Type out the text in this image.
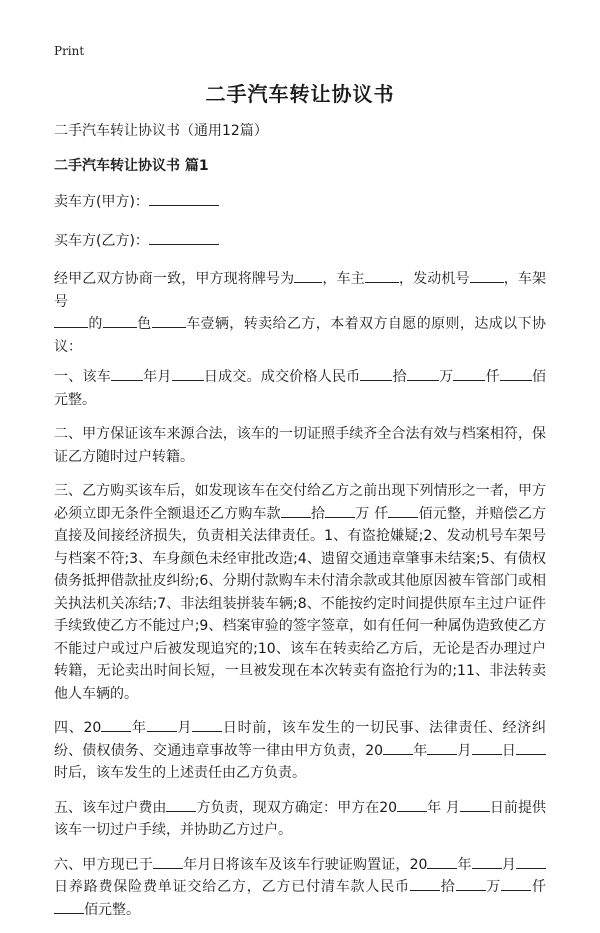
Print
二手汽车转让协议书

二手汽车转让协议书（通用12篇）

二手汽车转让协议书 篇1

卖车方(甲方)：

买车方(乙方)：

经甲乙双方协商一致，甲方现将牌号为 ，车主 ，发动机号 ，车架号
的 色 车壹辆，转卖给乙方，本着双方自愿的原则，达成以下协议：

一、该车 年月 日成交。成交价格人民币 拾 万 仟 佰元整。

二、甲方保证该车来源合法，该车的一切证照手续齐全合法有效与档案相符，保证乙方随时过户转籍。

三、乙方购买该车后，如发现该车在交付给乙方之前出现下列情形之一者，甲方必须立即无条件全额退还乙方购车款 拾 万 仟 佰元整，并赔偿乙方直接及间接经济损失，负责相关法律责任。1、有盗抢嫌疑;2、发动机号车架号与档案不符;3、车身颜色未经审批改造;4、遗留交通违章肇事未结案;5、有债权债务抵押借款扯皮纠纷;6、分期付款购车未付清余款或其他原因被车管部门或相关执法机关冻结;7、非法组装拼装车辆;8、不能按约定时间提供原车主过户证件手续致使乙方不能过户;9、档案审验的签字签章，如有任何一种属伪造致使乙方不能过户或过户后被发现追究的;10、该车在转卖给乙方后，无论是否办理过户转籍，无论卖出时间长短，一旦被发现在本次转卖有盗抢行为的;11、非法转卖他人车辆的。

四、20 年 月 日时前，该车发生的一切民事、法律责任、经济纠纷、债权债务、交通违章事故等一律由甲方负责，20 年 月 日时后，该车发生的上述责任由乙方负责。

五、该车过户费由 方负责，现双方确定：甲方在20 年 月 日前提供该车一切过户手续，并协助乙方过户。

六、甲方现已于 年月日将该车及该车行驶证购置证，20 年 月日养路费保险费单证交给乙方，乙方已付清车款人民币 拾 万 仟佰元整。
